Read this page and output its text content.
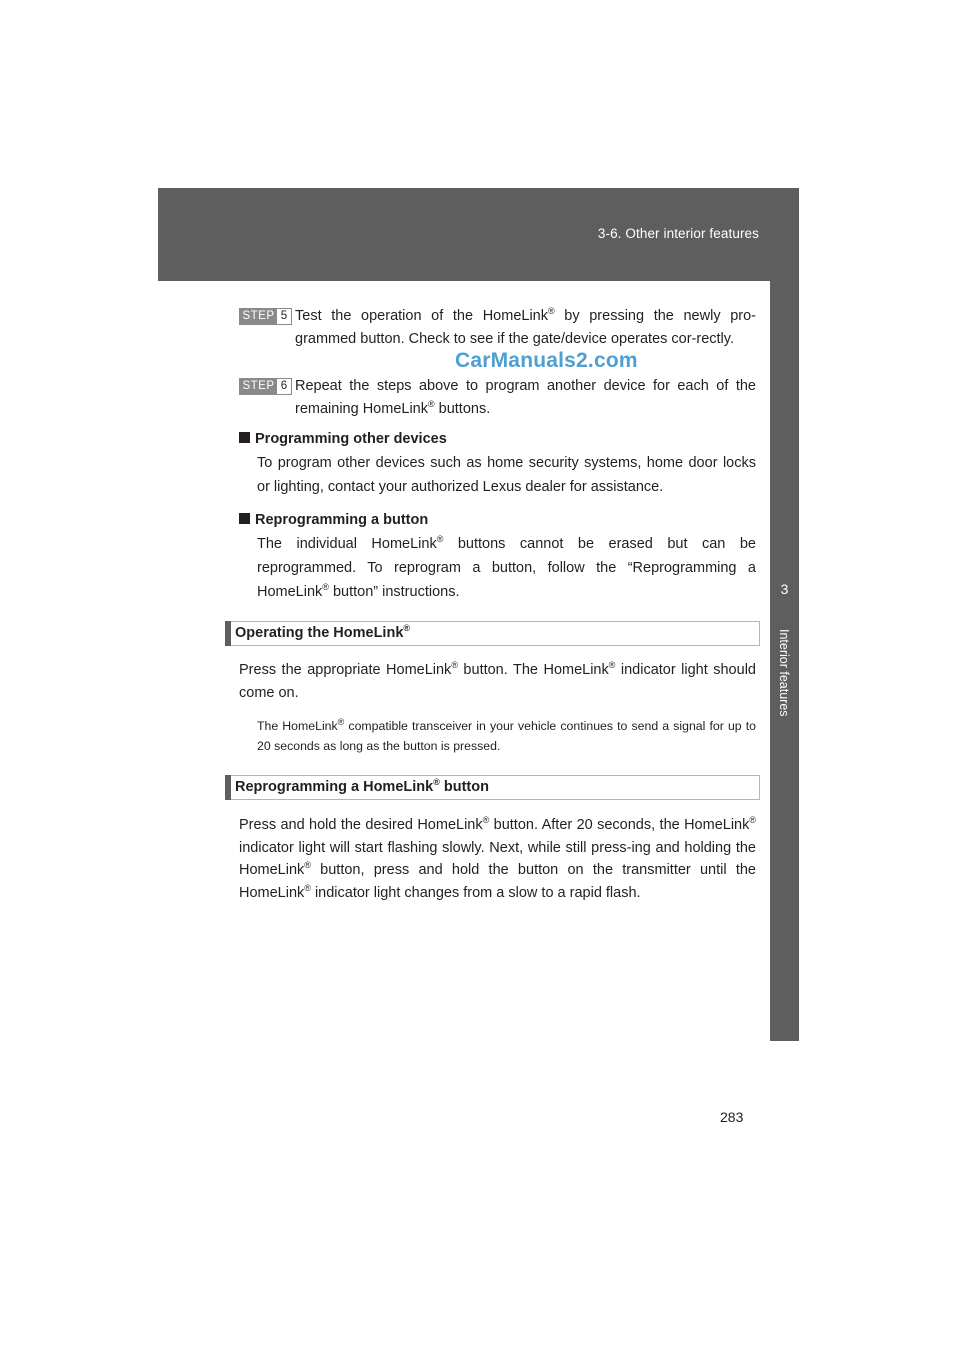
3-6. Other interior features
3
Interior features
CarManuals2.com
STEP 5 Test the operation of the HomeLink® by pressing the newly pro-grammed button. Check to see if the gate/device operates cor-rectly.
STEP 6 Repeat the steps above to program another device for each of the remaining HomeLink® buttons.
Programming other devices
To program other devices such as home security systems, home door locks or lighting, contact your authorized Lexus dealer for assistance.
Reprogramming a button
The individual HomeLink® buttons cannot be erased but can be reprogrammed. To reprogram a button, follow the “Reprogramming a HomeLink® button” instructions.
Operating the HomeLink®
Press the appropriate HomeLink® button. The HomeLink® indicator light should come on.
The HomeLink® compatible transceiver in your vehicle continues to send a signal for up to 20 seconds as long as the button is pressed.
Reprogramming a HomeLink® button
Press and hold the desired HomeLink® button. After 20 seconds, the HomeLink® indicator light will start flashing slowly. Next, while still press-ing and holding the HomeLink® button, press and hold the button on the transmitter until the HomeLink® indicator light changes from a slow to a rapid flash.
283
